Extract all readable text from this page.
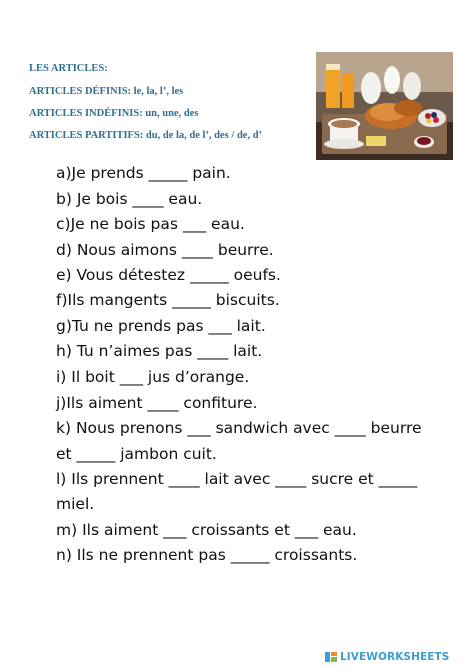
LES ARTICLES:
ARTICLES DÉFINIS: le, la, l’, les
ARTICLES INDÉFINIS: un, une, des
ARTICLES PARTITIFS: du, de la, de l’, des / de, d’
a)Je prends _____ pain.
b) Je bois ____ eau.
c)Je ne bois pas ___ eau.
d) Nous aimons ____ beurre.
e) Vous détestez _____ oeufs.
f)Ils mangents _____ biscuits.
g)Tu ne prends pas ___ lait.
h) Tu n’aimes pas ____ lait.
i) Il boit ___ jus d’orange.
j)Ils aiment ____ confiture.
k) Nous prenons ___ sandwich avec ____ beurre
et _____ jambon cuit.
l) Ils prennent ____ lait avec ____ sucre et _____
miel.
m) Ils aiment ___ croissants et ___ eau.
n) Ils ne prennent pas _____ croissants.
LIVEWORKSHEETS
